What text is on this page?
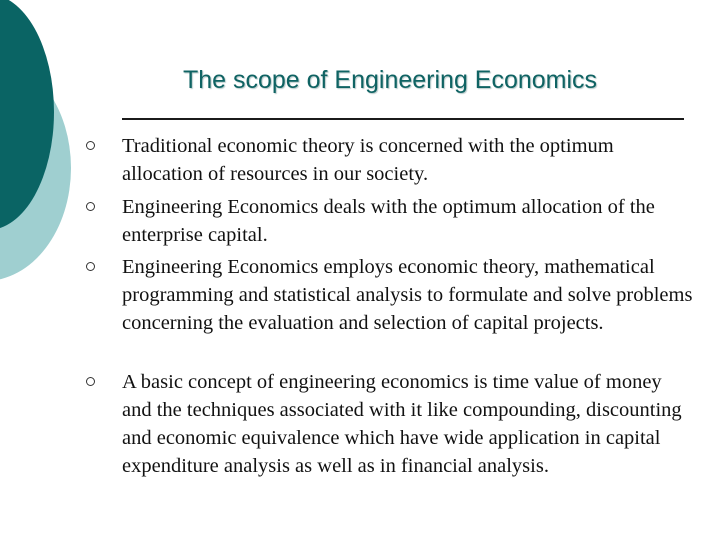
The scope of Engineering Economics
Traditional economic theory is concerned with the optimum allocation of resources in our society.
Engineering Economics deals with the optimum allocation of the enterprise capital.
Engineering Economics employs economic theory, mathematical programming and statistical analysis to formulate and solve problems concerning the evaluation and selection of capital projects.
A basic concept of engineering economics is time value of money and the techniques associated with it like compounding, discounting and economic equivalence which have wide application in capital expenditure analysis as well as in financial analysis.
